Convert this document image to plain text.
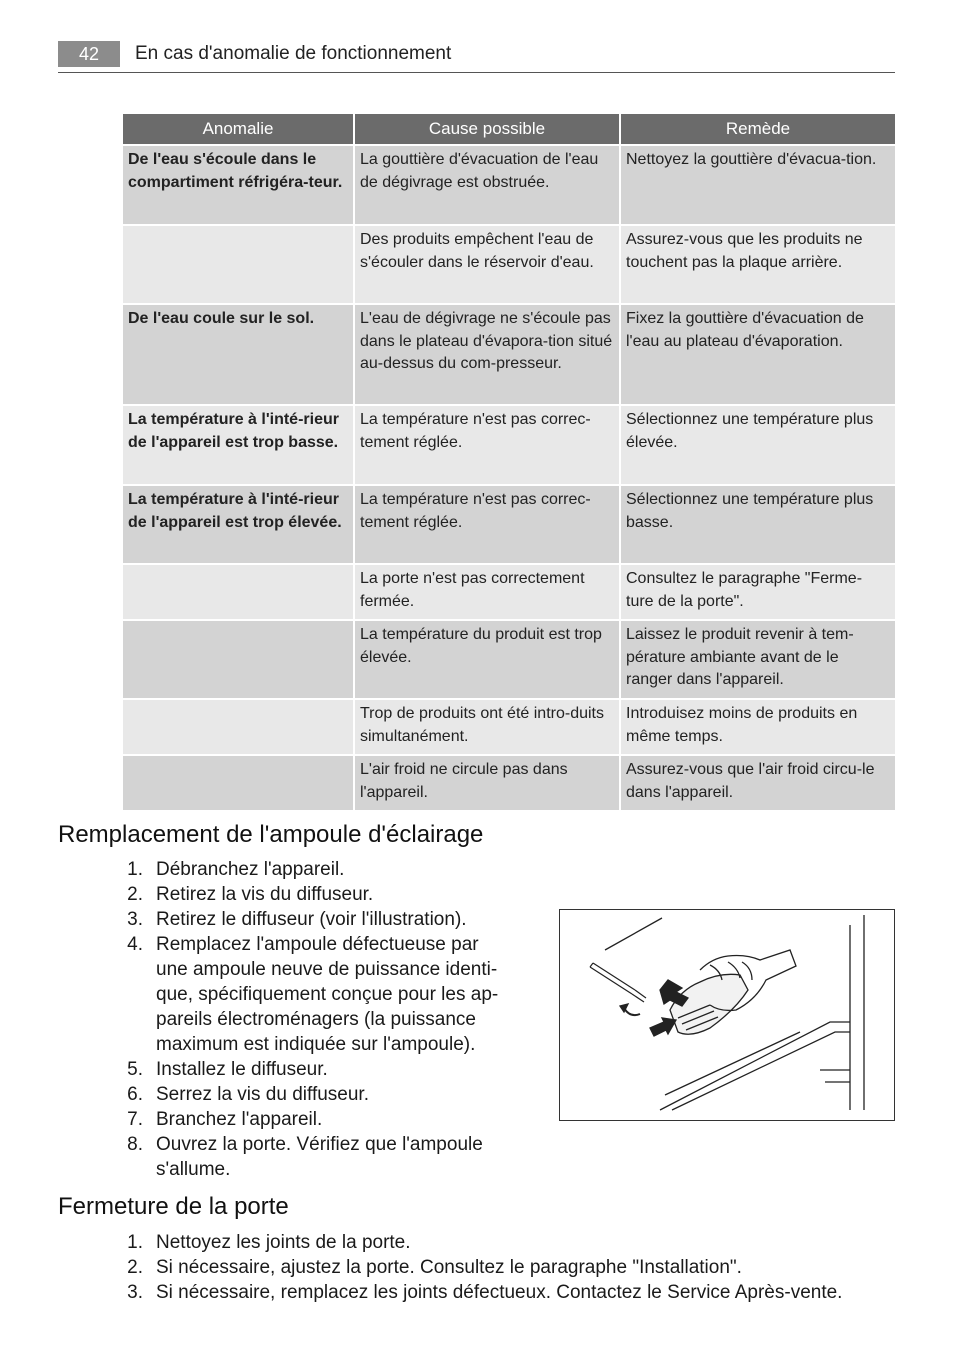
42	En cas d'anomalie de fonctionnement
Anomalie	Cause possible	Remède
De l'eau s'écoule dans le compartiment réfrigéra-teur.	La gouttière d'évacuation de l'eau de dégivrage est obstruée.	Nettoyez la gouttière d'évacua-tion.
	Des produits empêchent l'eau de s'écouler dans le réservoir d'eau.	Assurez-vous que les produits ne touchent pas la plaque arrière.
De l'eau coule sur le sol.	L'eau de dégivrage ne s'écoule pas dans le plateau d'évapora-tion situé au-dessus du com-presseur.	Fixez la gouttière d'évacuation de l'eau au plateau d'évaporation.
La température à l'inté-rieur de l'appareil est trop basse.	La température n'est pas correc-tement réglée.	Sélectionnez une température plus élevée.
La température à l'inté-rieur de l'appareil est trop élevée.	La température n'est pas correc-tement réglée.	Sélectionnez une température plus basse.
	La porte n'est pas correctement fermée.	Consultez le paragraphe "Ferme-ture de la porte".
	La température du produit est trop élevée.	Laissez le produit revenir à tem-pérature ambiante avant de le ranger dans l'appareil.
	Trop de produits ont été intro-duits simultanément.	Introduisez moins de produits en même temps.
	L'air froid ne circule pas dans l'appareil.	Assurez-vous que l'air froid circu-le dans l'appareil.
Remplacement de l'ampoule d'éclairage
1. Débranchez l'appareil.
2. Retirez la vis du diffuseur.
3. Retirez le diffuseur (voir l'illustration).
4. Remplacez l'ampoule défectueuse par une ampoule neuve de puissance identi-que, spécifiquement conçue pour les ap-pareils électroménagers (la puissance maximum est indiquée sur l'ampoule).
5. Installez le diffuseur.
6. Serrez la vis du diffuseur.
7. Branchez l'appareil.
8. Ouvrez la porte. Vérifiez que l'ampoule s'allume.
Fermeture de la porte
1. Nettoyez les joints de la porte.
2. Si nécessaire, ajustez la porte. Consultez le paragraphe "Installation".
3. Si nécessaire, remplacez les joints défectueux. Contactez le Service Après-vente.
